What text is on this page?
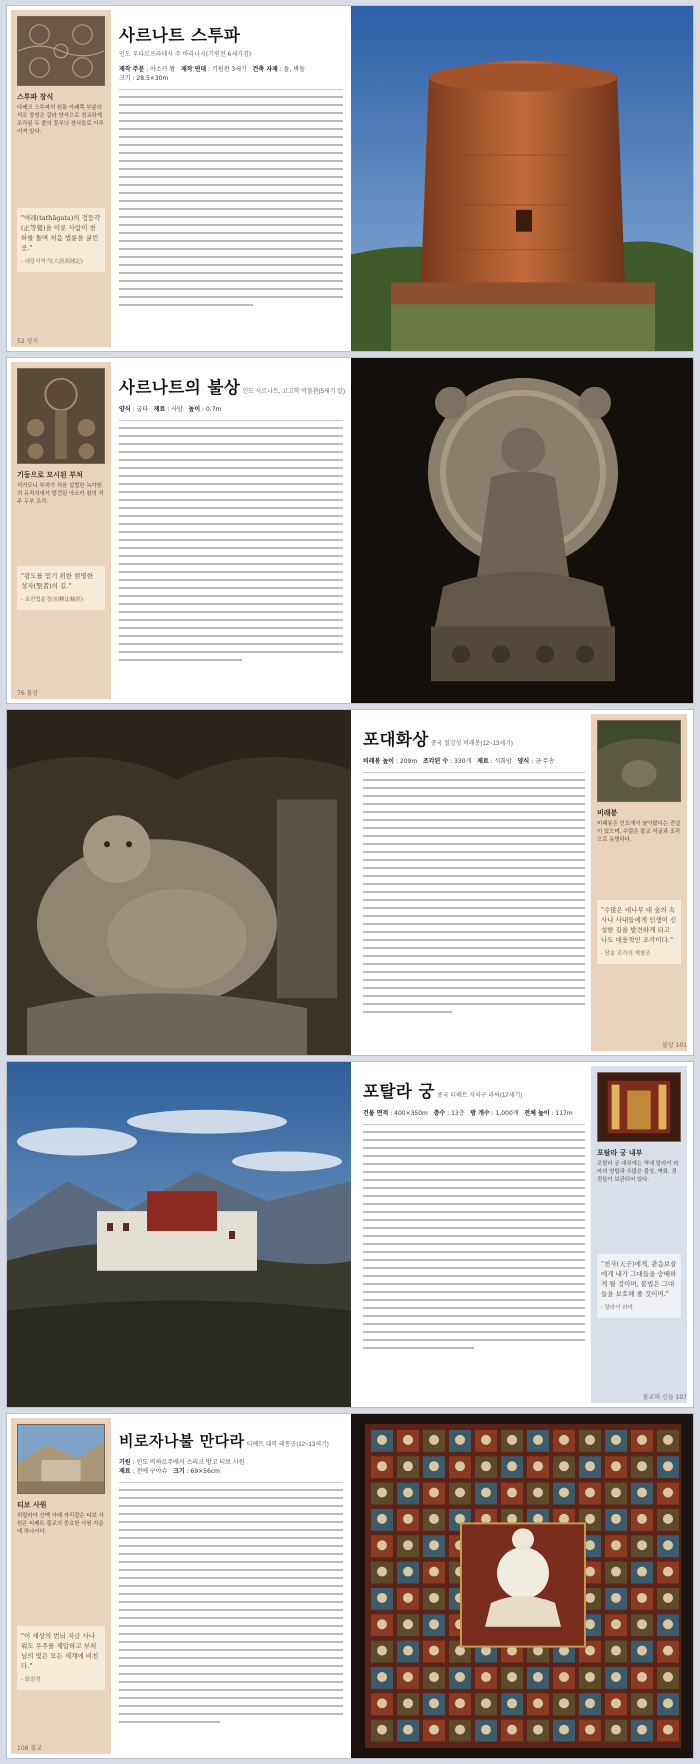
스투파 장식
다메크 스투파의 원통 아래쪽 부분의 석조 장엄은 갈라 양식으로 정교하게 조각된 두 줄의 꽃무늬 장식들로 이루어져 있다.
"여래(tathāgata)의 정등각(正等覺)을 이룬 사람이 천하를 돌며 처음 법륜을 굴린 곳."
- 대당서역기(大唐西域記)
사르나트 스투파
인도 우타르프라데시 주 바라나시(기원전 6세기경)
재작 주문 : 아소카 왕 재작 연대 : 기원전 3세기 건축 자재 : 돌, 벽돌
크기 : 28.5×30m
52 성지
기둥으로 모시된 부처
석가모니 부처가 처음 설법한 녹야원의 유적지에서 발견된 아소카 왕의 석주 두부 조각.
"광도를 얻기 위한 현명한 성자(聖者)의 길."
- 초전법륜경(初轉法輪經)
사르나트의 불상 인도 사르나트, 고고학 박물관(5세기 말)
양식 : 굽타 재료 : 사암 높이 : 0.7m
76 불상
포대화상 중국 절강성 비래봉(12~13세기)
비래봉 높이 : 209m 조각된 수 : 330개 재료 : 석회암 양식 : 금·무송
비래봉
비래봉은 인도에서 날아왔다는 전설이 있으며, 수많은 불교 석굴과 조각으로 유명하다.
"수많은 대나무 대 숲의 속사나 사내들에게 인생이 신성한 길을 발견하게 되고 나도 대웅적인 조각이다."
- 당송 조각의 재창조
불상 101
포탈라 궁 중국 티베트 자치구 라싸(17세기)
건물 면적 : 400×350m 층수 : 13층 방 개수 : 1,000개 전체 높이 : 117m
포탈라 궁 내부
포탈라 궁 내부에는 역대 달라이 라마의 영탑과 수많은 불상, 벽화, 경전들이 보관되어 있다.
"천자(天子)에게, 관음보살에게 내가 그대들을 숭배하게 될 것이며, 불법은 그대들을 보호해 줄 것이며."
- 달라이 라마
불교의 신들 107
티보 사원
히말라야 산맥 아래 자리잡은 티보 사원은 티베트 불교의 중요한 사원 가운데 하나이다.
"이 세상의 번뇌 지금 사나워도 우주를 제압하고 부처님의 빛은 모든 세계에 비친다."
- 화엄경
비로자나불 만다라 티베트 대학 레통공(12~13세기)
기원 : 인도 비하르주에서 스리크 방고 티보 사원
재료 : 천에 구아슈 크기 : 69×56cm
108 불교
